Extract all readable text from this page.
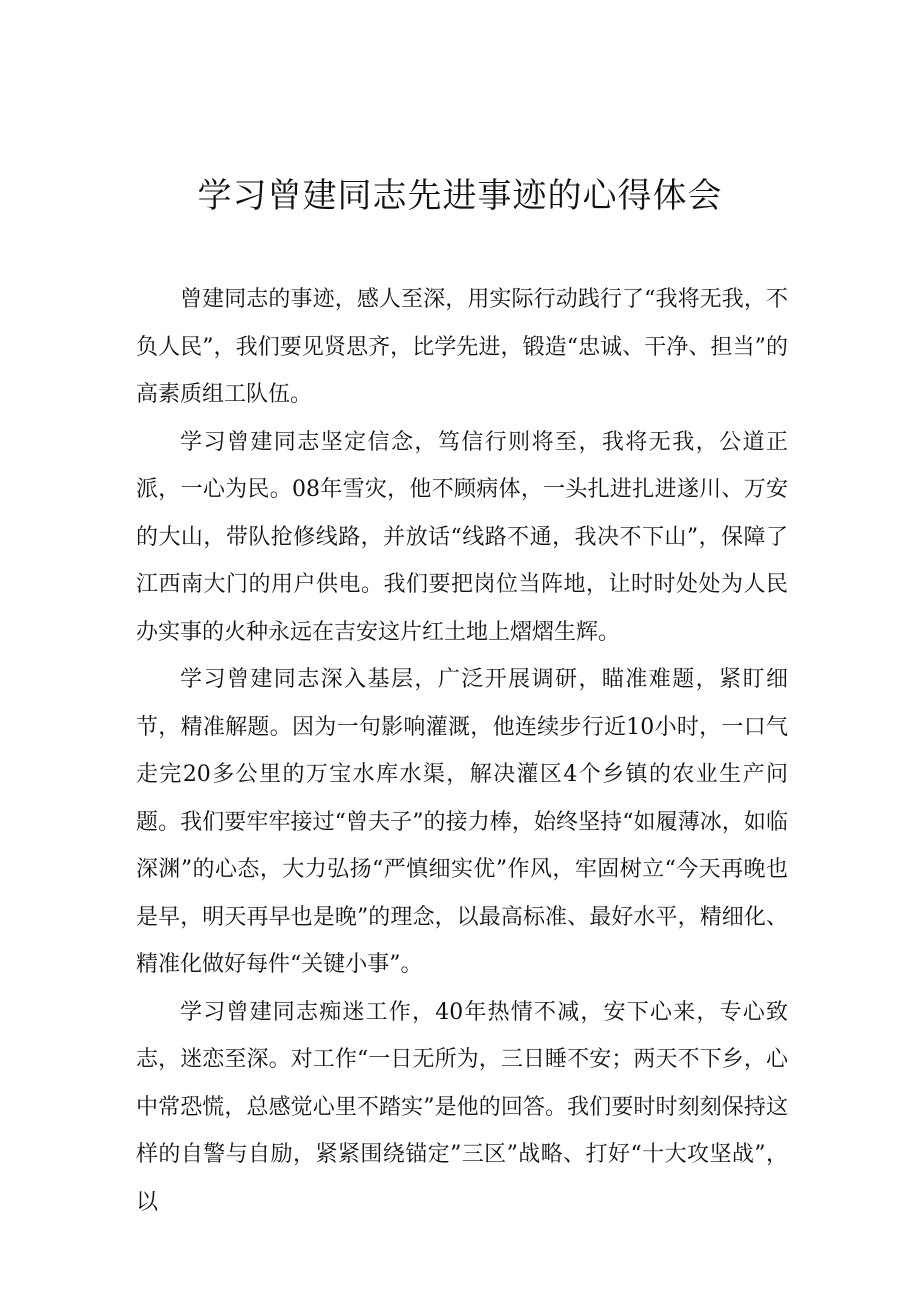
学习曾建同志先进事迹的心得体会

曾建同志的事迹，感人至深，用实际行动践行了“我将无我，不负人民”，我们要见贤思齐，比学先进，锻造“忠诚、干净、担当”的高素质组工队伍。

学习曾建同志坚定信念，笃信行则将至，我将无我，公道正派，一心为民。08年雪灾，他不顾病体，一头扎进扎进遂川、万安的大山，带队抢修线路，并放话“线路不通，我决不下山”，保障了江西南大门的用户供电。我们要把岗位当阵地，让时时处处为人民办实事的火种永远在吉安这片红土地上熠熠生辉。

学习曾建同志深入基层，广泛开展调研，瞄准难题，紧盯细节，精准解题。因为一句影响灌溉，他连续步行近10小时，一口气走完20多公里的万宝水库水渠，解决灌区4个乡镇的农业生产问题。我们要牢牢接过“曾夫子”的接力棒，始终坚持“如履薄冰，如临深渊”的心态，大力弘扬“严慎细实优”作风，牢固树立“今天再晚也是早，明天再早也是晚”的理念，以最高标准、最好水平，精细化、精准化做好每件“关键小事”。

学习曾建同志痴迷工作，40年热情不减，安下心来，专心致志，迷恋至深。对工作“一日无所为，三日睡不安；两天不下乡，心中常恐慌，总感觉心里不踏实”是他的回答。我们要时时刻刻保持这样的自警与自励，紧紧围绕锚定”三区”战略、打好“十大攻坚战”，以
